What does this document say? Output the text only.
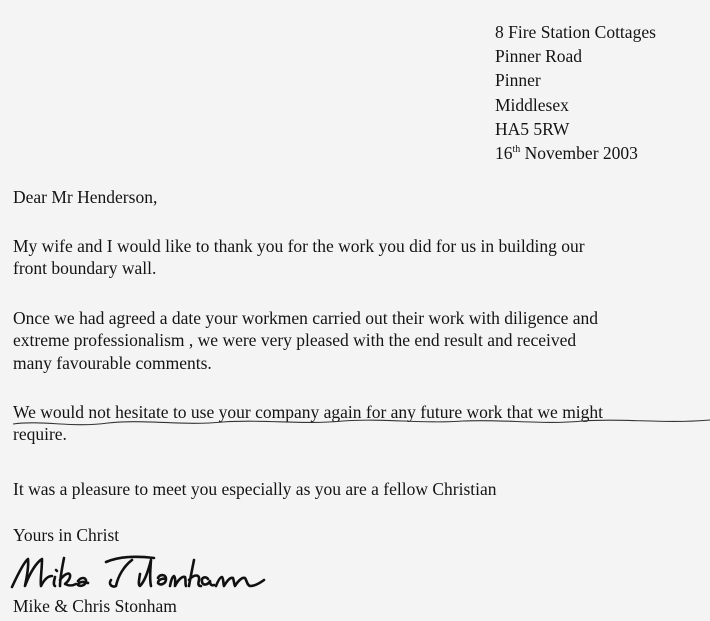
8 Fire Station Cottages
Pinner Road
Pinner
Middlesex
HA5 5RW
16th November 2003
Dear Mr Henderson,
My wife and I would like to thank you for the work you did for us in building our
front boundary wall.
Once we had agreed a date your workmen carried out their work with diligence and
extreme professionalism , we were very pleased with the end result and received
many favourable comments.
We would not hesitate to use your company again for any future work that we might
require.
It was a pleasure to meet you especially as you are a fellow Christian
Yours in Christ
Mike & Chris Stonham
